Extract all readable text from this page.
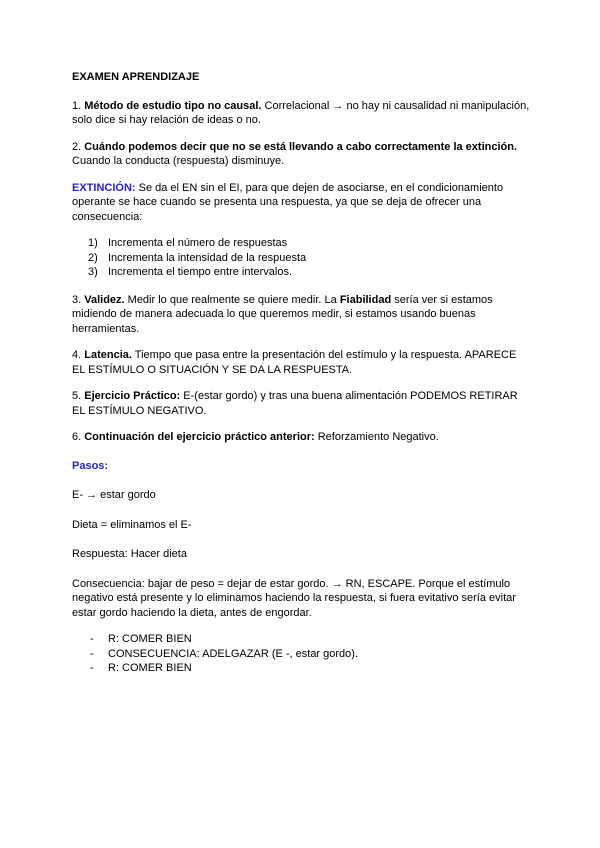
EXAMEN APRENDIZAJE

1. Método de estudio tipo no causal. Correlacional → no hay ni causalidad ni manipulación, solo dice si hay relación de ideas o no.

2. Cuándo podemos decir que no se está llevando a cabo correctamente la extinción. Cuando la conducta (respuesta) disminuye.

EXTINCIÓN: Se da el EN sin el EI, para que dejen de asociarse, en el condicionamiento operante se hace cuando se presenta una respuesta, ya que se deja de ofrecer una consecuencia:

1) Incrementa el número de respuestas
2) Incrementa la intensidad de la respuesta
3) Incrementa el tiempo entre intervalos.

3. Validez. Medir lo que realmente se quiere medir. La Fiabilidad sería ver si estamos midiendo de manera adecuada lo que queremos medir, si estamos usando buenas herramientas.

4. Latencia. Tiempo que pasa entre la presentación del estímulo y la respuesta. APARECE EL ESTÍMULO O SITUACIÓN Y SE DA LA RESPUESTA.

5. Ejercicio Práctico: E-(estar gordo) y tras una buena alimentación PODEMOS RETIRAR EL ESTÍMULO NEGATIVO.

6. Continuación del ejercicio práctico anterior: Reforzamiento Negativo.

Pasos:

E- → estar gordo

Dieta = eliminamos el E-

Respuesta: Hacer dieta

Consecuencia: bajar de peso = dejar de estar gordo. → RN, ESCAPE. Porque el estímulo negativo está presente y lo eliminamos haciendo la respuesta, si fuera evitativo sería evitar estar gordo haciendo la dieta, antes de engordar.

- R: COMER BIEN
- CONSECUENCIA: ADELGAZAR (E -, estar gordo).
- R: COMER BIEN
